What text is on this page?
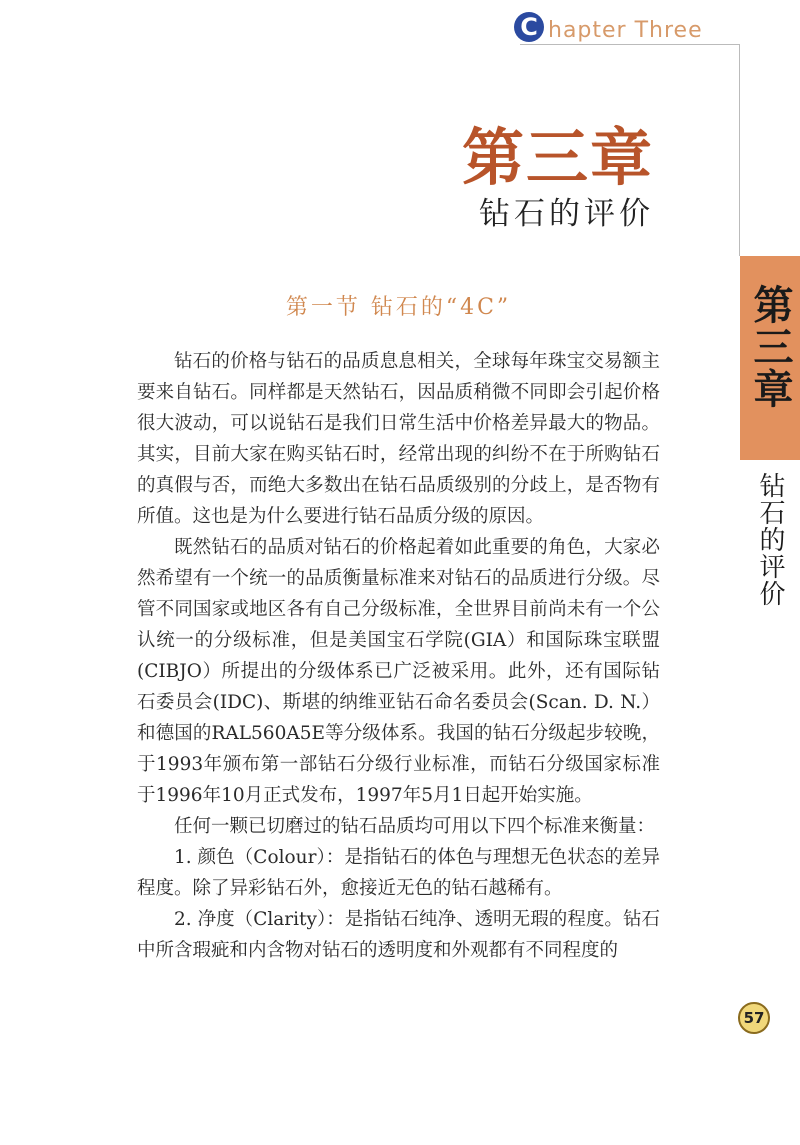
C hapter Three
第三章
钻石的评价
第三章
钻石的评价
第一节 钻石的“4C”

钻石的价格与钻石的品质息息相关，全球每年珠宝交易额主要来自钻石。同样都是天然钻石，因品质稍微不同即会引起价格很大波动，可以说钻石是我们日常生活中价格差异最大的物品。其实，目前大家在购买钻石时，经常出现的纠纷不在于所购钻石的真假与否，而绝大多数出在钻石品质级别的分歧上，是否物有所值。这也是为什么要进行钻石品质分级的原因。

既然钻石的品质对钻石的价格起着如此重要的角色，大家必然希望有一个统一的品质衡量标准来对钻石的品质进行分级。尽管不同国家或地区各有自己分级标准，全世界目前尚未有一个公认统一的分级标准，但是美国宝石学院(GIA）和国际珠宝联盟(CIBJO）所提出的分级体系已广泛被采用。此外，还有国际钻石委员会(IDC)、斯堪的纳维亚钻石命名委员会(Scan. D. N.）和德国的RAL560A5E等分级体系。我国的钻石分级起步较晚，于1993年颁布第一部钻石分级行业标准，而钻石分级国家标准于1996年10月正式发布，1997年5月1日起开始实施。

任何一颗已切磨过的钻石品质均可用以下四个标准来衡量：

1. 颜色（Colour）：是指钻石的体色与理想无色状态的差异程度。除了异彩钻石外，愈接近无色的钻石越稀有。

2. 净度（Clarity）：是指钻石纯净、透明无瑕的程度。钻石中所含瑕疵和内含物对钻石的透明度和外观都有不同程度的

57
